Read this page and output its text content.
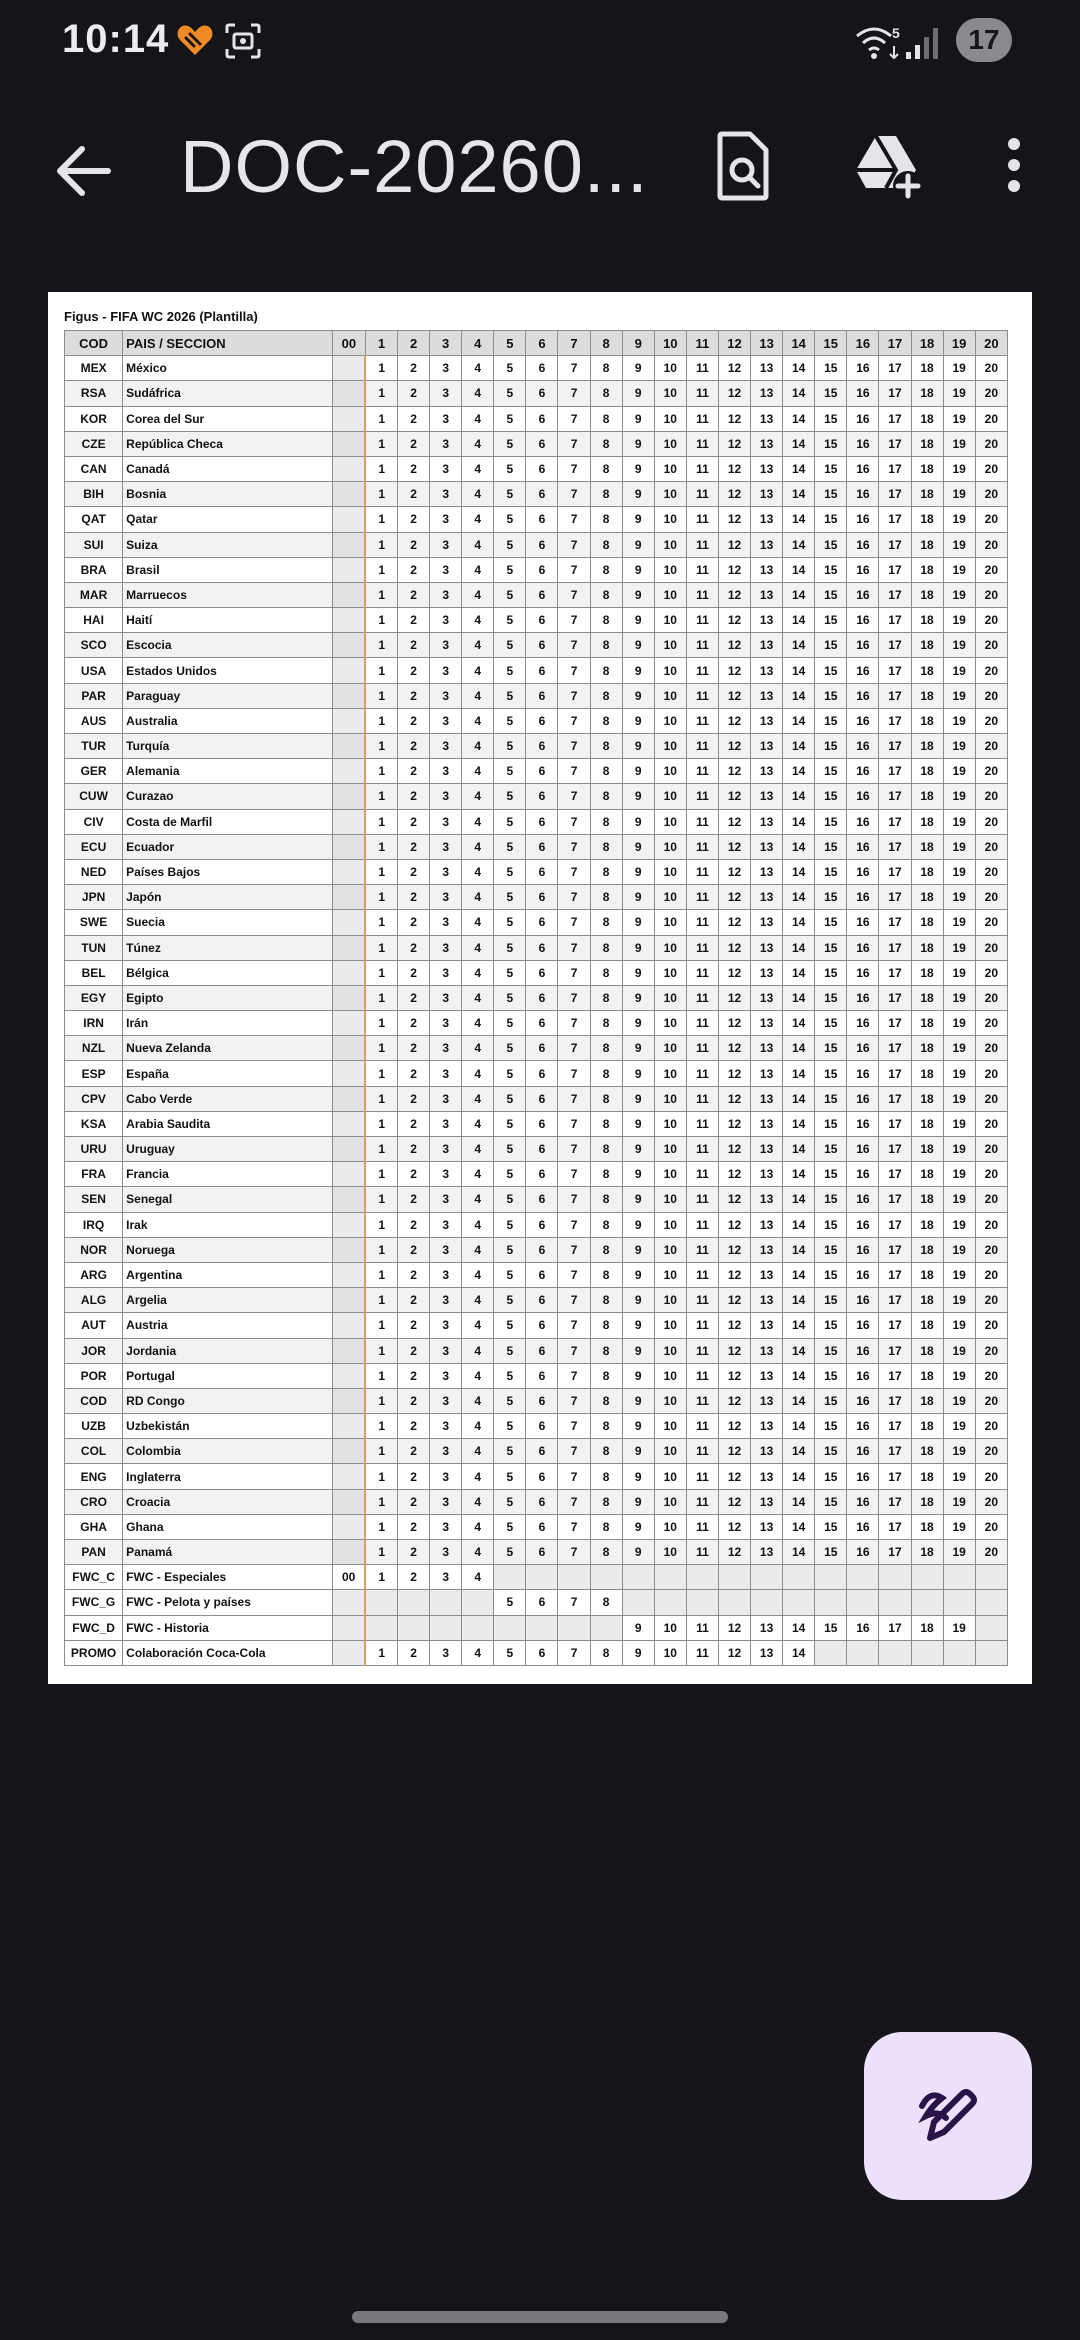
10:14	5	17
DOC-20260...
Figus - FIFA WC 2026 (Plantilla)
COD	PAIS / SECCION	00	1	2	3	4	5	6	7	8	9	10	11	12	13	14	15	16	17	18	19	20
MEX	México		1	2	3	4	5	6	7	8	9	10	11	12	13	14	15	16	17	18	19	20
RSA	Sudáfrica		1	2	3	4	5	6	7	8	9	10	11	12	13	14	15	16	17	18	19	20
KOR	Corea del Sur		1	2	3	4	5	6	7	8	9	10	11	12	13	14	15	16	17	18	19	20
CZE	República Checa		1	2	3	4	5	6	7	8	9	10	11	12	13	14	15	16	17	18	19	20
CAN	Canadá		1	2	3	4	5	6	7	8	9	10	11	12	13	14	15	16	17	18	19	20
BIH	Bosnia		1	2	3	4	5	6	7	8	9	10	11	12	13	14	15	16	17	18	19	20
QAT	Qatar		1	2	3	4	5	6	7	8	9	10	11	12	13	14	15	16	17	18	19	20
SUI	Suiza		1	2	3	4	5	6	7	8	9	10	11	12	13	14	15	16	17	18	19	20
BRA	Brasil		1	2	3	4	5	6	7	8	9	10	11	12	13	14	15	16	17	18	19	20
MAR	Marruecos		1	2	3	4	5	6	7	8	9	10	11	12	13	14	15	16	17	18	19	20
HAI	Haití		1	2	3	4	5	6	7	8	9	10	11	12	13	14	15	16	17	18	19	20
SCO	Escocia		1	2	3	4	5	6	7	8	9	10	11	12	13	14	15	16	17	18	19	20
USA	Estados Unidos		1	2	3	4	5	6	7	8	9	10	11	12	13	14	15	16	17	18	19	20
PAR	Paraguay		1	2	3	4	5	6	7	8	9	10	11	12	13	14	15	16	17	18	19	20
AUS	Australia		1	2	3	4	5	6	7	8	9	10	11	12	13	14	15	16	17	18	19	20
TUR	Turquía		1	2	3	4	5	6	7	8	9	10	11	12	13	14	15	16	17	18	19	20
GER	Alemania		1	2	3	4	5	6	7	8	9	10	11	12	13	14	15	16	17	18	19	20
CUW	Curazao		1	2	3	4	5	6	7	8	9	10	11	12	13	14	15	16	17	18	19	20
CIV	Costa de Marfil		1	2	3	4	5	6	7	8	9	10	11	12	13	14	15	16	17	18	19	20
ECU	Ecuador		1	2	3	4	5	6	7	8	9	10	11	12	13	14	15	16	17	18	19	20
NED	Países Bajos		1	2	3	4	5	6	7	8	9	10	11	12	13	14	15	16	17	18	19	20
JPN	Japón		1	2	3	4	5	6	7	8	9	10	11	12	13	14	15	16	17	18	19	20
SWE	Suecia		1	2	3	4	5	6	7	8	9	10	11	12	13	14	15	16	17	18	19	20
TUN	Túnez		1	2	3	4	5	6	7	8	9	10	11	12	13	14	15	16	17	18	19	20
BEL	Bélgica		1	2	3	4	5	6	7	8	9	10	11	12	13	14	15	16	17	18	19	20
EGY	Egipto		1	2	3	4	5	6	7	8	9	10	11	12	13	14	15	16	17	18	19	20
IRN	Irán		1	2	3	4	5	6	7	8	9	10	11	12	13	14	15	16	17	18	19	20
NZL	Nueva Zelanda		1	2	3	4	5	6	7	8	9	10	11	12	13	14	15	16	17	18	19	20
ESP	España		1	2	3	4	5	6	7	8	9	10	11	12	13	14	15	16	17	18	19	20
CPV	Cabo Verde		1	2	3	4	5	6	7	8	9	10	11	12	13	14	15	16	17	18	19	20
KSA	Arabia Saudita		1	2	3	4	5	6	7	8	9	10	11	12	13	14	15	16	17	18	19	20
URU	Uruguay		1	2	3	4	5	6	7	8	9	10	11	12	13	14	15	16	17	18	19	20
FRA	Francia		1	2	3	4	5	6	7	8	9	10	11	12	13	14	15	16	17	18	19	20
SEN	Senegal		1	2	3	4	5	6	7	8	9	10	11	12	13	14	15	16	17	18	19	20
IRQ	Irak		1	2	3	4	5	6	7	8	9	10	11	12	13	14	15	16	17	18	19	20
NOR	Noruega		1	2	3	4	5	6	7	8	9	10	11	12	13	14	15	16	17	18	19	20
ARG	Argentina		1	2	3	4	5	6	7	8	9	10	11	12	13	14	15	16	17	18	19	20
ALG	Argelia		1	2	3	4	5	6	7	8	9	10	11	12	13	14	15	16	17	18	19	20
AUT	Austria		1	2	3	4	5	6	7	8	9	10	11	12	13	14	15	16	17	18	19	20
JOR	Jordania		1	2	3	4	5	6	7	8	9	10	11	12	13	14	15	16	17	18	19	20
POR	Portugal		1	2	3	4	5	6	7	8	9	10	11	12	13	14	15	16	17	18	19	20
COD	RD Congo		1	2	3	4	5	6	7	8	9	10	11	12	13	14	15	16	17	18	19	20
UZB	Uzbekistán		1	2	3	4	5	6	7	8	9	10	11	12	13	14	15	16	17	18	19	20
COL	Colombia		1	2	3	4	5	6	7	8	9	10	11	12	13	14	15	16	17	18	19	20
ENG	Inglaterra		1	2	3	4	5	6	7	8	9	10	11	12	13	14	15	16	17	18	19	20
CRO	Croacia		1	2	3	4	5	6	7	8	9	10	11	12	13	14	15	16	17	18	19	20
GHA	Ghana		1	2	3	4	5	6	7	8	9	10	11	12	13	14	15	16	17	18	19	20
PAN	Panamá		1	2	3	4	5	6	7	8	9	10	11	12	13	14	15	16	17	18	19	20
FWC_C	FWC - Especiales	00	1	2	3	4																
FWC_G	FWC - Pelota y países						5	6	7	8												
FWC_D	FWC - Historia										9	10	11	12	13	14	15	16	17	18	19	
PROMO	Colaboración Coca-Cola		1	2	3	4	5	6	7	8	9	10	11	12	13	14						
